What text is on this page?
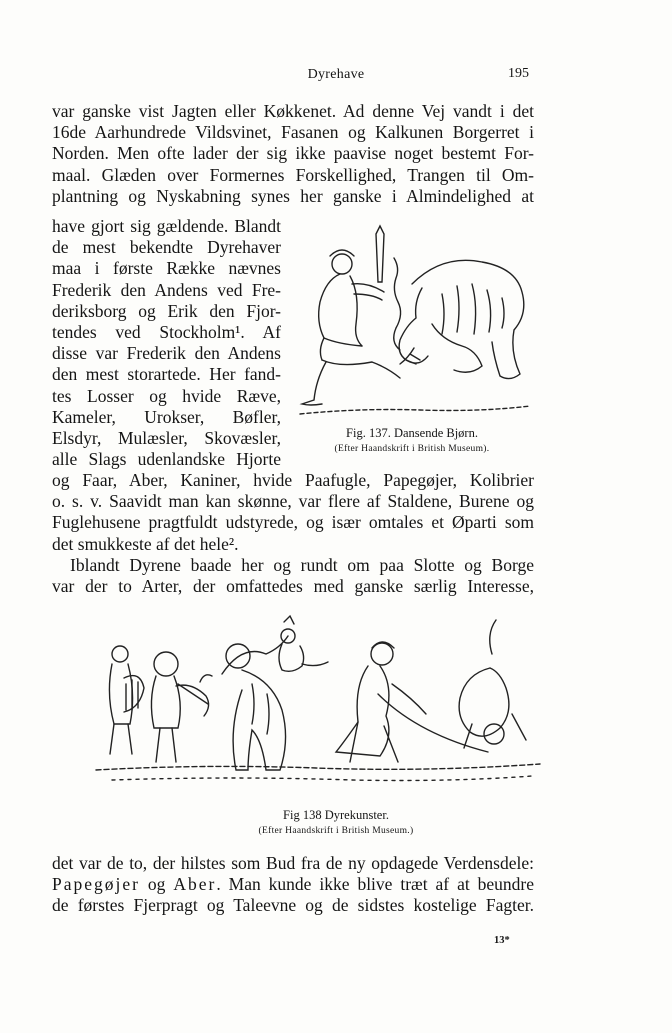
Dyrehave	195
var ganske vist Jagten eller Køkkenet. Ad denne Vej vandt i det
16de Aarhundrede Vildsvinet, Fasanen og Kalkunen Borgerret i
Norden. Men ofte lader der sig ikke paavise noget bestemt For-
maal. Glæden over Formernes Forskellighed, Trangen til Om-
plantning og Nyskabning synes her ganske i Almindelighed at
have gjort sig gældende. Blandt
de mest bekendte Dyrehaver
maa i første Række nævnes
Frederik den Andens ved Fre-
deriksborg og Erik den Fjor-
tendes ved Stockholm¹. Af
disse var Frederik den Andens
den mest storartede. Her fand-
tes Losser og hvide Ræve,
Kameler, Urokser, Bøfler,
Elsdyr, Mulæsler, Skovæsler,
alle Slags udenlandske Hjorte
Fig. 137. Dansende Bjørn.
(Efter Haandskrift i British Museum).
og Faar, Aber, Kaniner, hvide Paafugle, Papegøjer, Kolibrier
o. s. v. Saavidt man kan skønne, var flere af Staldene, Burene og
Fuglehusene pragtfuldt udstyrede, og især omtales et Øparti som
det smukkeste af det hele².
Iblandt Dyrene baade her og rundt om paa Slotte og Borge
var der to Arter, der omfattedes med ganske særlig Interesse,
Fig 138 Dyrekunster.
(Efter Haandskrift i British Museum.)
det var de to, der hilstes som Bud fra de ny opdagede Verdensdele:
Papegøjer og Aber. Man kunde ikke blive træt af at beundre
de førstes Fjerpragt og Taleevne og de sidstes kostelige Fagter.
13*
